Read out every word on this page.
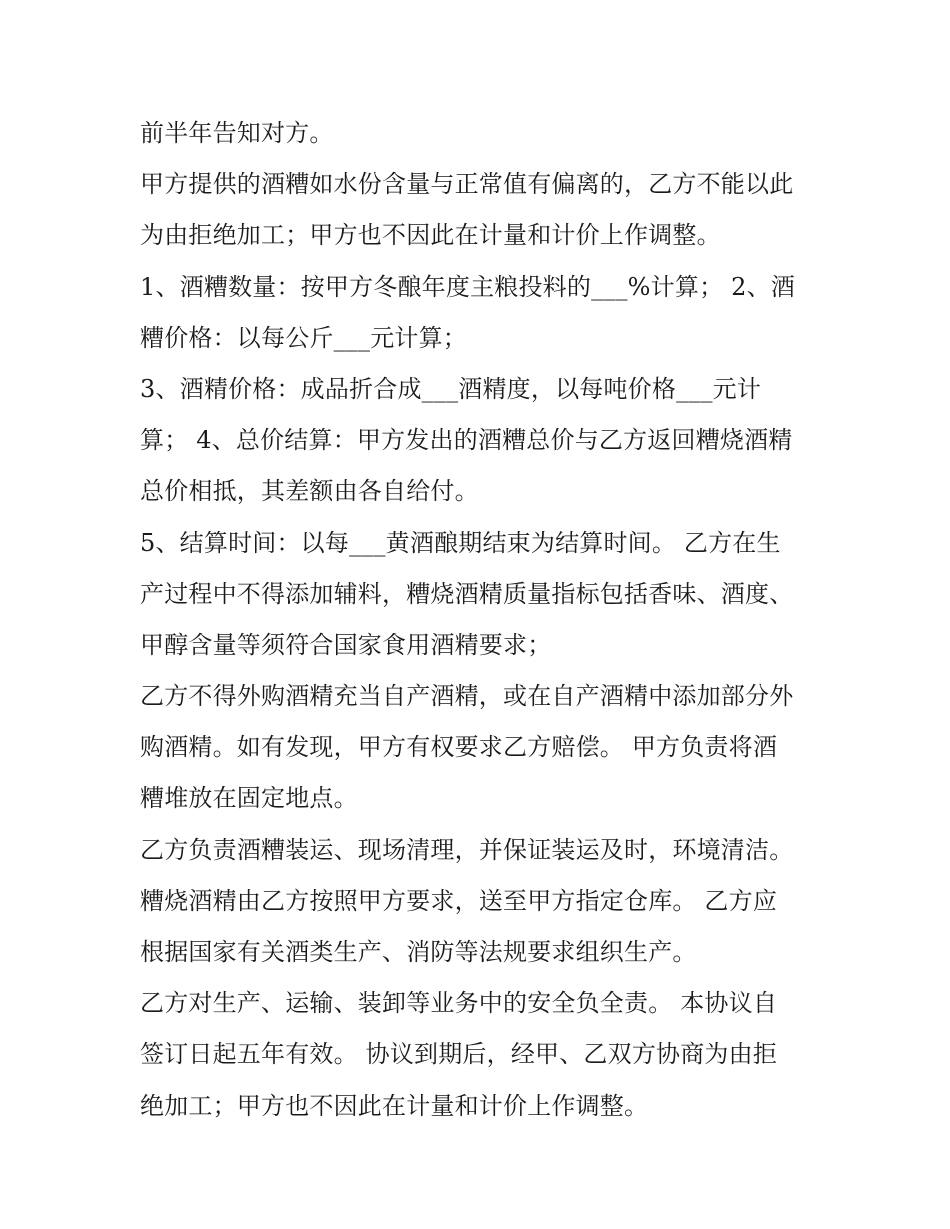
前半年告知对方。
甲方提供的酒糟如水份含量与正常值有偏离的，乙方不能以此
为由拒绝加工；甲方也不因此在计量和计价上作调整。
1、酒糟数量：按甲方冬酿年度主粮投料的___%计算； 2、酒
糟价格：以每公斤___元计算；
3、酒精价格：成品折合成___酒精度，以每吨价格___元计
算； 4、总价结算：甲方发出的酒糟总价与乙方返回糟烧酒精
总价相抵，其差额由各自给付。
5、结算时间：以每___黄酒酿期结束为结算时间。 乙方在生
产过程中不得添加辅料，糟烧酒精质量指标包括香味、酒度、
甲醇含量等须符合国家食用酒精要求；
乙方不得外购酒精充当自产酒精，或在自产酒精中添加部分外
购酒精。如有发现，甲方有权要求乙方赔偿。 甲方负责将酒
糟堆放在固定地点。
乙方负责酒糟装运、现场清理，并保证装运及时，环境清洁。
糟烧酒精由乙方按照甲方要求，送至甲方指定仓库。 乙方应
根据国家有关酒类生产、消防等法规要求组织生产。
乙方对生产、运输、装卸等业务中的安全负全责。 本协议自
签订日起五年有效。 协议到期后，经甲、乙双方协商为由拒
绝加工；甲方也不因此在计量和计价上作调整。
